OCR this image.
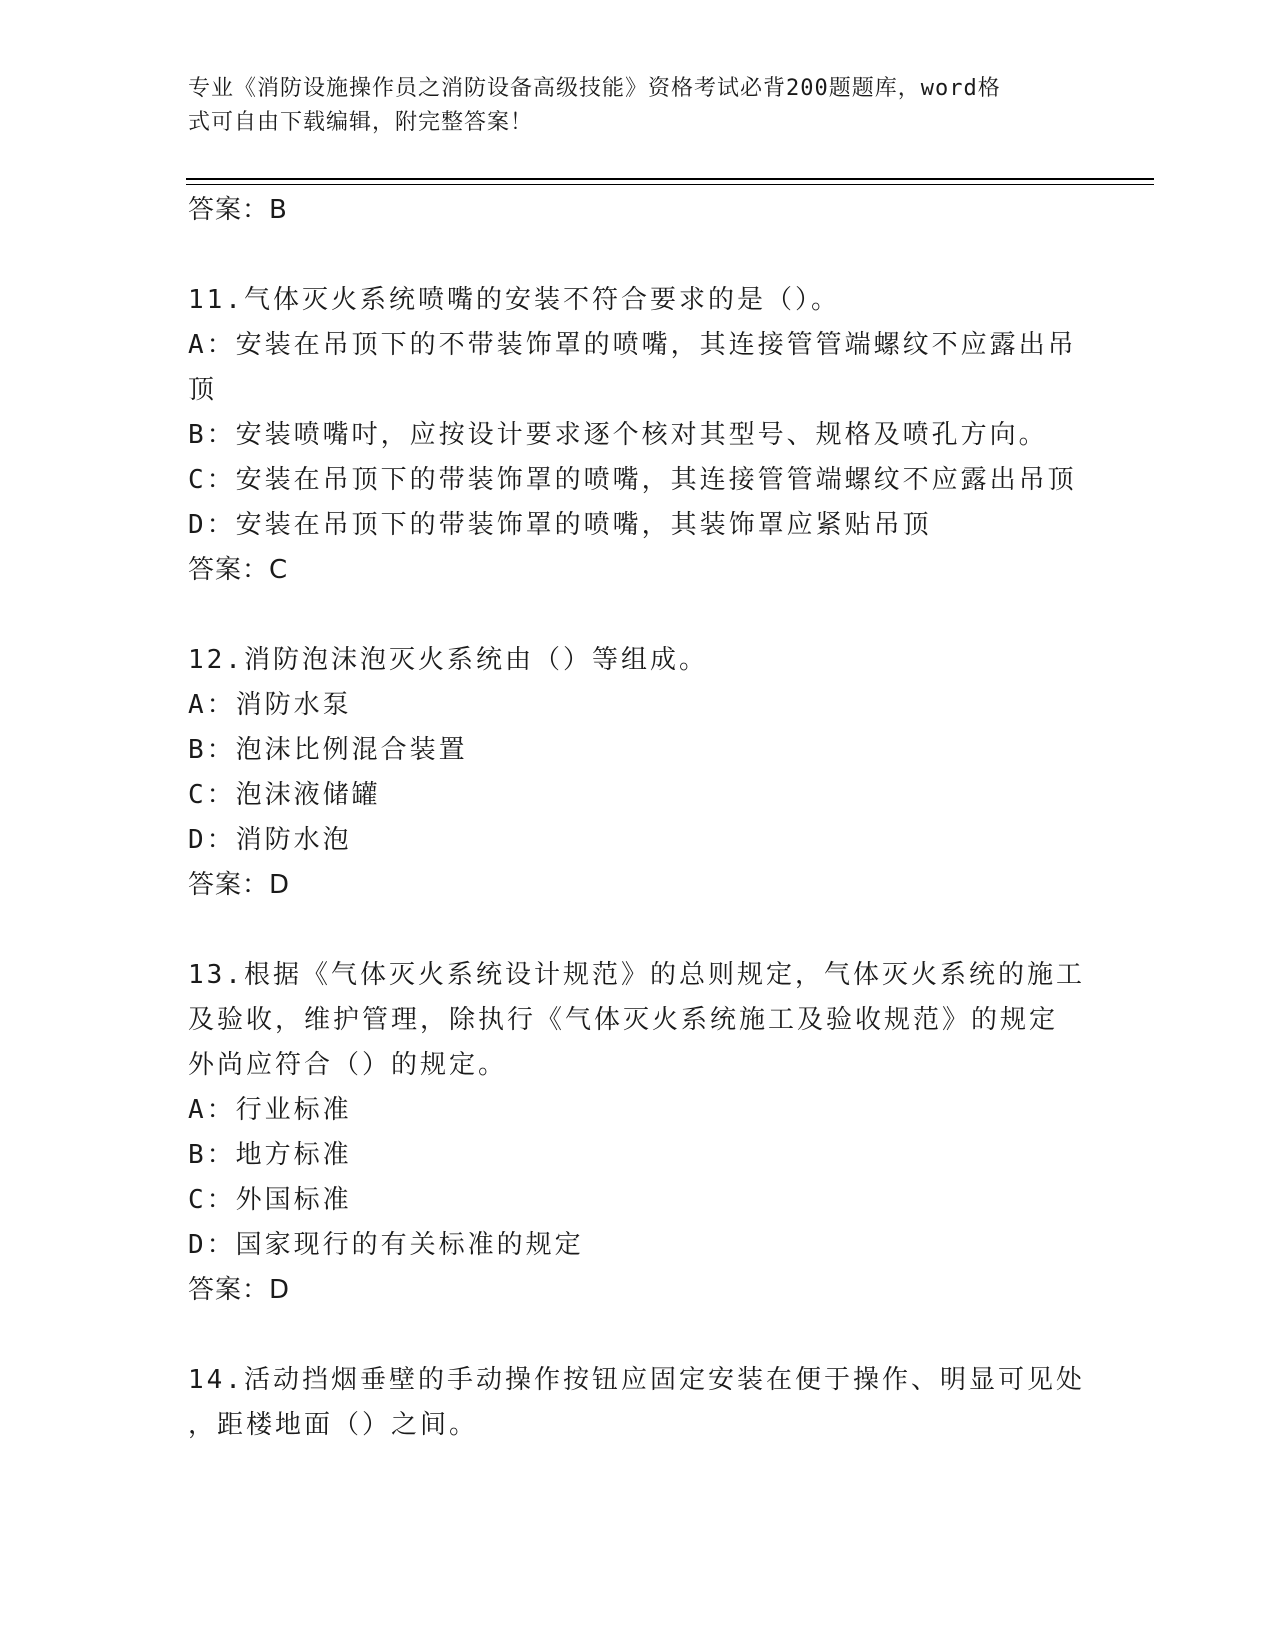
专业《消防设施操作员之消防设备高级技能》资格考试必背200题题库，word格
式可自由下载编辑，附完整答案！
答案：B
11.气体灭火系统喷嘴的安装不符合要求的是（）。
A：安装在吊顶下的不带装饰罩的喷嘴，其连接管管端螺纹不应露出吊
顶
B：安装喷嘴吋，应按设计要求逐个核对其型号、规格及喷孔方向。
C：安装在吊顶下的带装饰罩的喷嘴，其连接管管端螺纹不应露出吊顶
D：安装在吊顶下的带装饰罩的喷嘴，其装饰罩应紧贴吊顶
答案：C
12.消防泡沫泡灭火系统由（）等组成。
A：消防水泵
B：泡沫比例混合装置
C：泡沫液储罐
D：消防水泡
答案：D
13.根据《气体灭火系统设计规范》的总则规定，气体灭火系统的施工
及验收，维护管理，除执行《气体灭火系统施工及验收规范》的规定
外尚应符合（）的规定。
A：行业标准
B：地方标准
C：外国标准
D：国家现行的有关标准的规定
答案：D
14.活动挡烟垂壁的手动操作按钮应固定安装在便于操作、明显可见处
，距楼地面（）之间。
